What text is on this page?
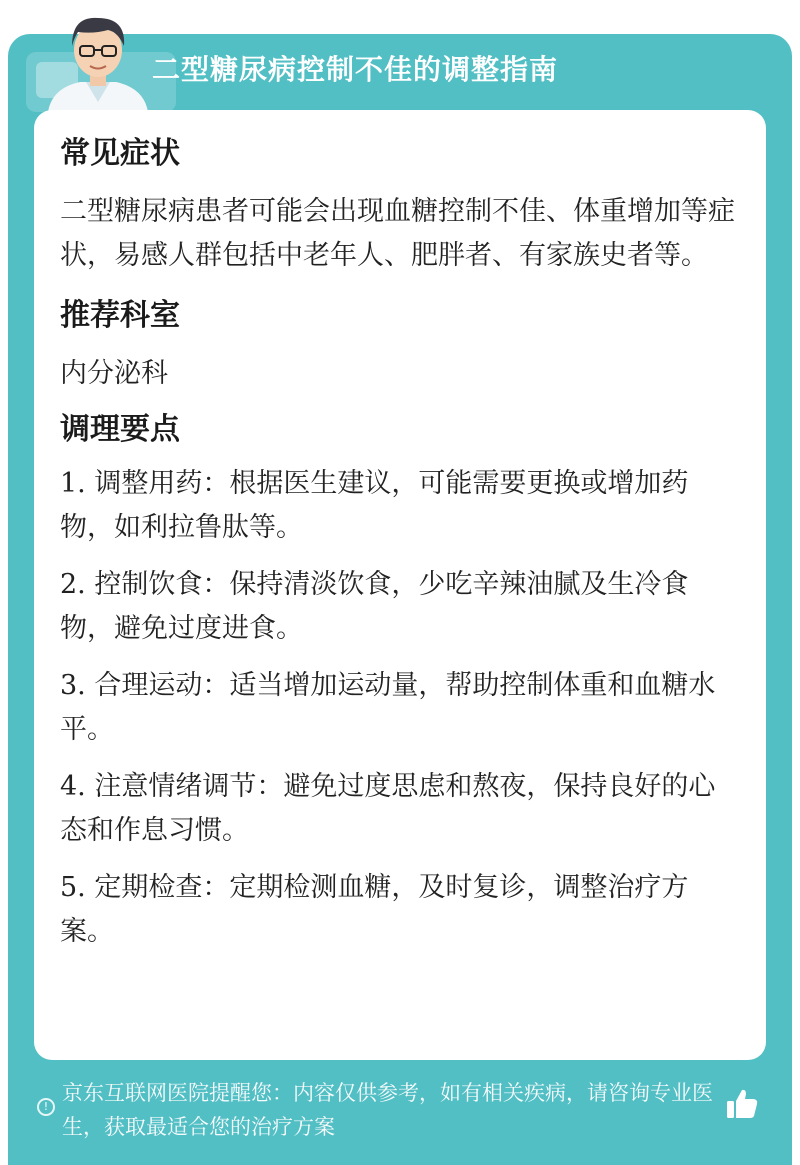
二型糖尿病控制不佳的调整指南
常见症状
二型糖尿病患者可能会出现血糖控制不佳、体重增加等症状，易感人群包括中老年人、肥胖者、有家族史者等。
推荐科室
内分泌科
调理要点
1. 调整用药：根据医生建议，可能需要更换或增加药物，如利拉鲁肽等。
2. 控制饮食：保持清淡饮食，少吃辛辣油腻及生冷食物，避免过度进食。
3. 合理运动：适当增加运动量，帮助控制体重和血糖水平。
4. 注意情绪调节：避免过度思虑和熬夜，保持良好的心态和作息习惯。
5. 定期检查：定期检测血糖，及时复诊，调整治疗方案。
!
京东互联网医院提醒您：内容仅供参考，如有相关疾病，请咨询专业医生，获取最适合您的治疗方案
